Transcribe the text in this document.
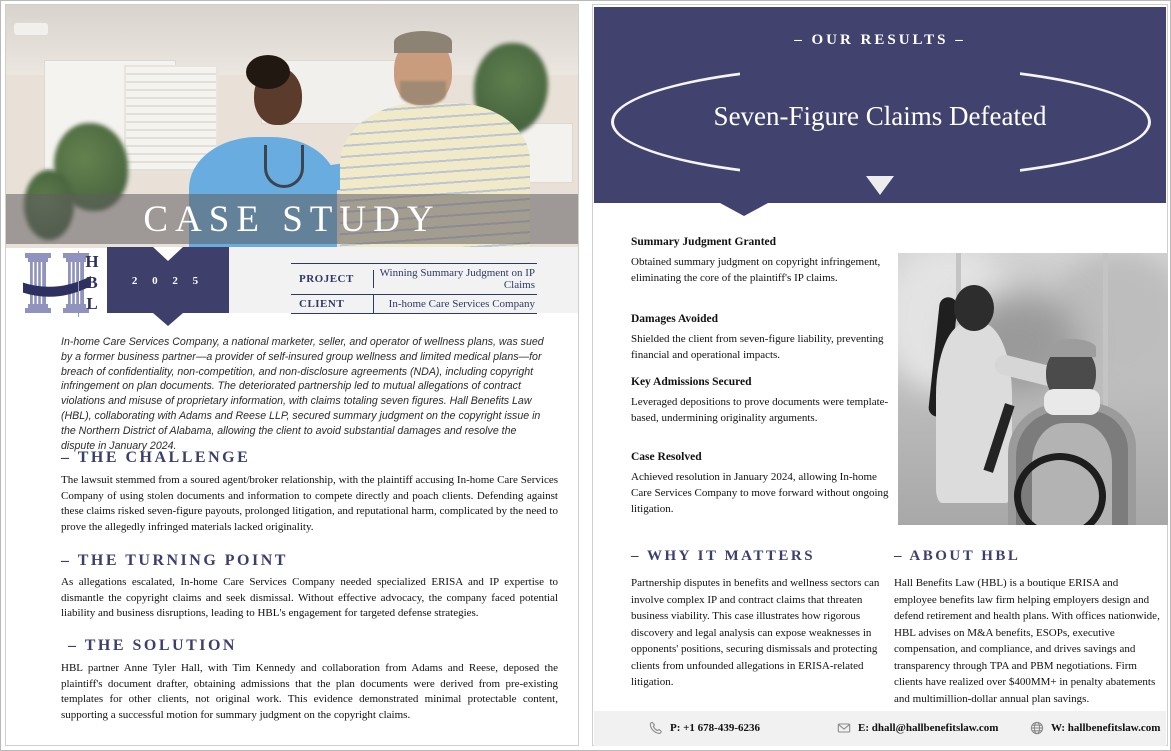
CASE STUDY
H
B
L
2 0 2 5	PROJECT	Winning Summary Judgment on IP Claims
CLIENT	In-home Care Services Company
In-home Care Services Company, a national marketer, seller, and operator of wellness plans, was sued by a former business partner—a provider of self-insured group wellness and limited medical plans—for breach of confidentiality, non-competition, and non-disclosure agreements (NDA), including copyright infringement on plan documents. The deteriorated partnership led to mutual allegations of contract violations and misuse of proprietary information, with claims totaling seven figures. Hall Benefits Law (HBL), collaborating with Adams and Reese LLP, secured summary judgment on the copyright issue in the Northern District of Alabama, allowing the client to avoid substantial damages and resolve the dispute in January 2024.
– THE CHALLENGE
The lawsuit stemmed from a soured agent/broker relationship, with the plaintiff accusing In-home Care Services Company of using stolen documents and information to compete directly and poach clients. Defending against these claims risked seven-figure payouts, prolonged litigation, and reputational harm, complicated by the need to prove the allegedly infringed materials lacked originality.
– THE TURNING POINT
As allegations escalated, In-home Care Services Company needed specialized ERISA and IP expertise to dismantle the copyright claims and seek dismissal. Without effective advocacy, the company faced potential liability and business disruptions, leading to HBL's engagement for targeted defense strategies.
– THE SOLUTION
HBL partner Anne Tyler Hall, with Tim Kennedy and collaboration from Adams and Reese, deposed the plaintiff's document drafter, obtaining admissions that the plan documents were derived from pre-existing templates for other clients, not original work. This evidence demonstrated minimal protectable content, supporting a successful motion for summary judgment on the copyright claims.
– OUR RESULTS –
Seven-Figure Claims Defeated

Summary Judgment Granted

Obtained summary judgment on copyright infringement, eliminating the core of the plaintiff's IP claims.

Damages Avoided

Shielded the client from seven-figure liability, preventing financial and operational impacts.

Key Admissions Secured

Leveraged depositions to prove documents were template-based, undermining originality arguments.

Case Resolved

Achieved resolution in January 2024, allowing In-home Care Services Company to move forward without ongoing litigation.

– WHY IT MATTERS
Partnership disputes in benefits and wellness sectors can involve complex IP and contract claims that threaten business viability. This case illustrates how rigorous discovery and legal analysis can expose weaknesses in opponents' positions, securing dismissals and protecting clients from unfounded allegations in ERISA-related litigation.
– ABOUT HBL
Hall Benefits Law (HBL) is a boutique ERISA and employee benefits law firm helping employers design and defend retirement and health plans. With offices nationwide, HBL advises on M&A benefits, ESOPs, executive compensation, and compliance, and drives savings and transparency through TPA and PBM negotiations. Firm clients have realized over $400MM+ in penalty abatements and multimillion-dollar annual plan savings.
P: +1 678-439-6236	E: dhall@hallbenefitslaw.com	W: hallbenefitslaw.com
